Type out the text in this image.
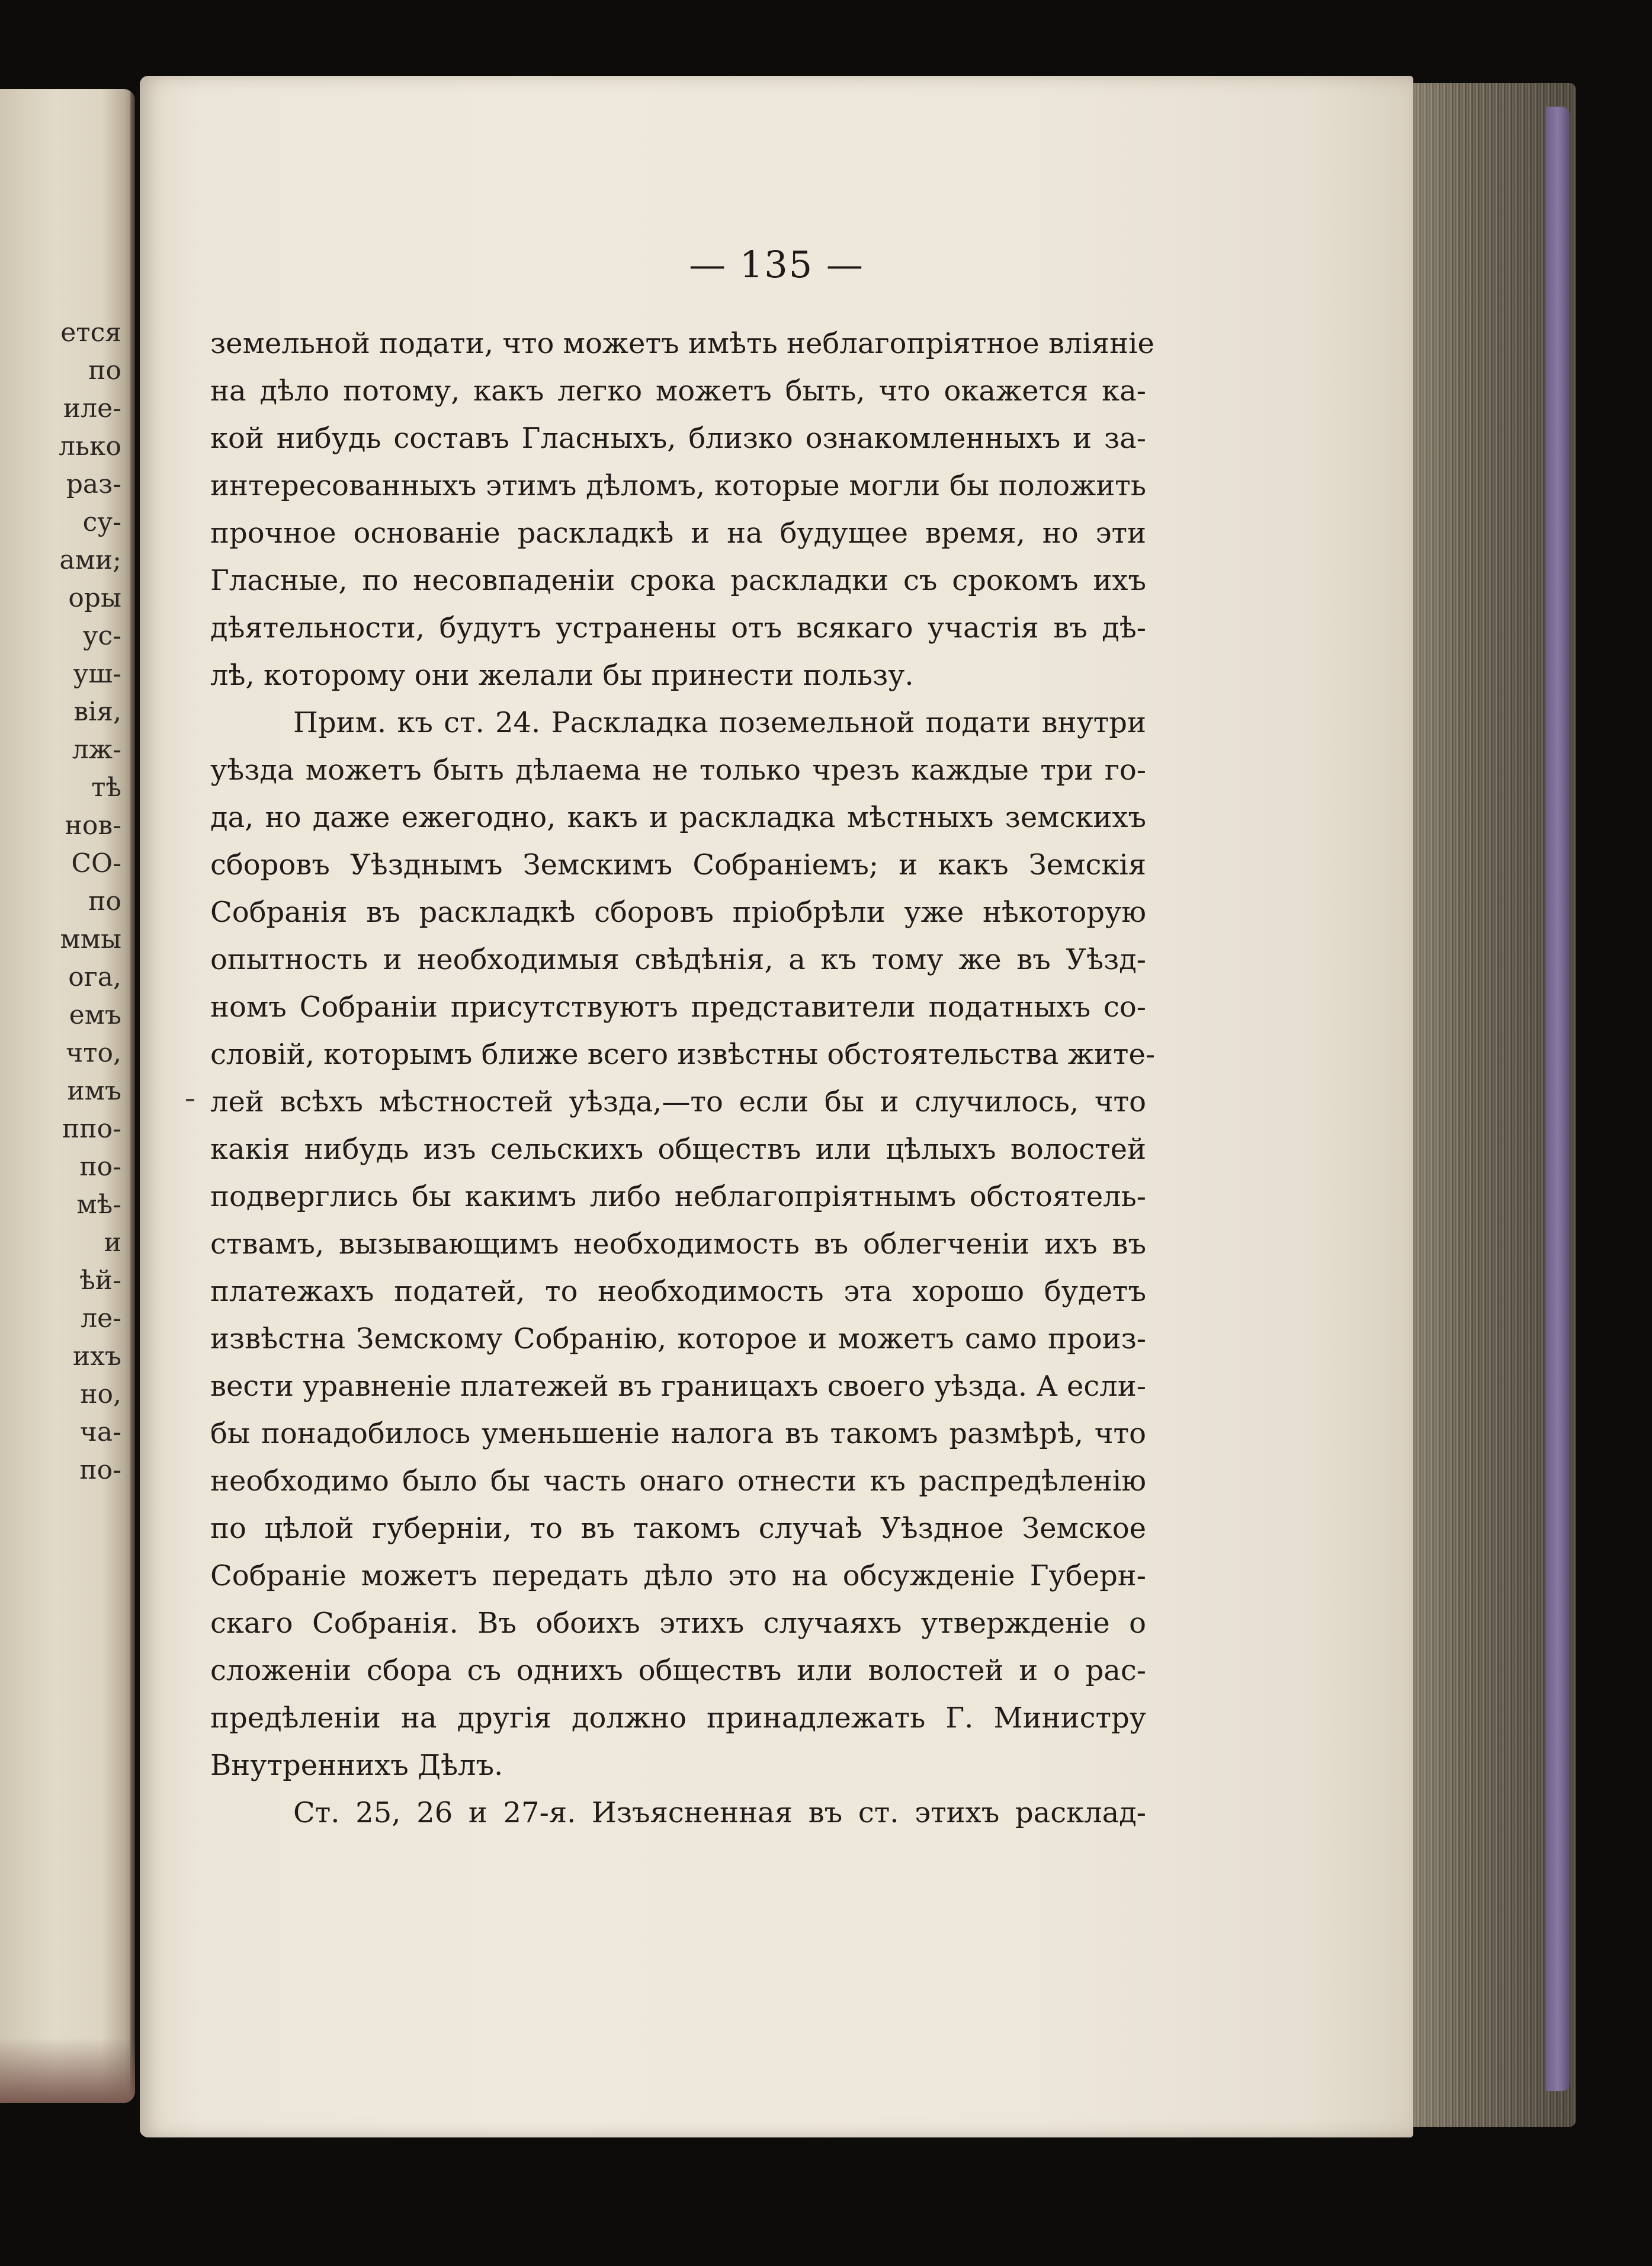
ется
по
иле-
лько
раз-
су-
ами;
оры
ус-
уш-
вія,
лж-
тѣ
нов-
СО-
по
ммы
ога,
емъ
что,
имъ
ппо-
по-
мѣ-
и
ѣй-
ле-
ихъ
но,
ча-
по-
— 135 —
земельной подати, что можетъ имѣть неблагопріятное вліяніе
на дѣло потому, какъ легко можетъ быть, что окажется ка-
кой нибудь составъ Гласныхъ, близко ознакомленныхъ и за-
интересованныхъ этимъ дѣломъ, которые могли бы положить
прочное основаніе раскладкѣ и на будущее время, но эти
Гласные, по несовпаденіи срока раскладки съ срокомъ ихъ
дѣятельности, будутъ устранены отъ всякаго участія въ дѣ-
лѣ, которому они желали бы принести пользу.
Прим. къ ст. 24. Раскладка поземельной подати внутри
уѣзда можетъ быть дѣлаема не только чрезъ каждые три го-
да, но даже ежегодно, какъ и раскладка мѣстныхъ земскихъ
сборовъ Уѣзднымъ Земскимъ Собраніемъ; и какъ Земскія
Собранія въ раскладкѣ сборовъ пріобрѣли уже нѣкоторую
опытность и необходимыя свѣдѣнія, а къ тому же въ Уѣзд-
номъ Собраніи присутствуютъ представители податныхъ со-
словій, которымъ ближе всего извѣстны обстоятельства жите-
лей всѣхъ мѣстностей уѣзда,—то если бы и случилось, что
какія нибудь изъ сельскихъ обществъ или цѣлыхъ волостей
подверглись бы какимъ либо неблагопріятнымъ обстоятель-
ствамъ, вызывающимъ необходимость въ облегченіи ихъ въ
платежахъ податей, то необходимость эта хорошо будетъ
извѣстна Земскому Собранію, которое и можетъ само произ-
вести уравненіе платежей въ границахъ своего уѣзда. А если-
бы понадобилось уменьшеніе налога въ такомъ размѣрѣ, что
необходимо было бы часть онаго отнести къ распредѣленію
по цѣлой губерніи, то въ такомъ случаѣ Уѣздное Земское
Собраніе можетъ передать дѣло это на обсужденіе Губерн-
скаго Собранія. Въ обоихъ этихъ случаяхъ утвержденіе о
сложеніи сбора съ однихъ обществъ или волостей и о рас-
предѣленіи на другія должно принадлежать Г. Министру
Внутреннихъ Дѣлъ.
Ст. 25, 26 и 27-я. Изъясненная въ ст. этихъ расклад-
